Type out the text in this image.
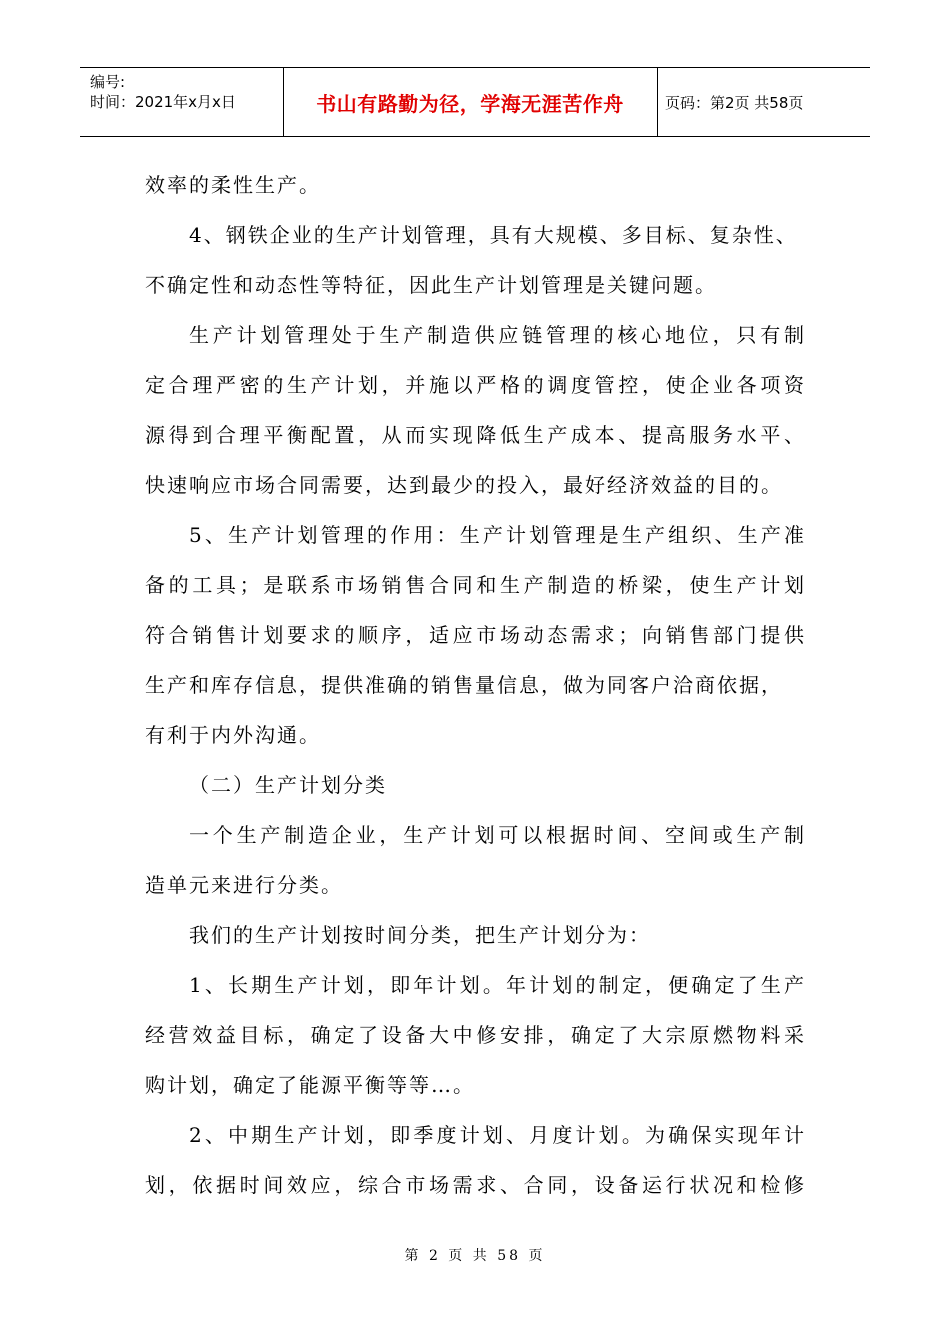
编号:
时间：2021年x月x日	书山有路勤为径，学海无涯苦作舟	页码：第2页 共58页
效率的柔性生产。
4、钢铁企业的生产计划管理，具有大规模、多目标、复杂性、
不确定性和动态性等特征，因此生产计划管理是关键问题。
生产计划管理处于生产制造供应链管理的核心地位，只有制
定合理严密的生产计划，并施以严格的调度管控，使企业各项资
源得到合理平衡配置，从而实现降低生产成本、提高服务水平、
快速响应市场合同需要，达到最少的投入，最好经济效益的目的。
5、生产计划管理的作用：生产计划管理是生产组织、生产准
备的工具；是联系市场销售合同和生产制造的桥梁，使生产计划
符合销售计划要求的顺序，适应市场动态需求；向销售部门提供
生产和库存信息，提供准确的销售量信息，做为同客户洽商依据，
有利于内外沟通。
（二）生产计划分类
一个生产制造企业，生产计划可以根据时间、空间或生产制
造单元来进行分类。
我们的生产计划按时间分类，把生产计划分为：
1、长期生产计划，即年计划。年计划的制定，便确定了生产
经营效益目标，确定了设备大中修安排，确定了大宗原燃物料采
购计划，确定了能源平衡等等…。
2、中期生产计划，即季度计划、月度计划。为确保实现年计
划，依据时间效应，综合市场需求、合同，设备运行状况和检修
第 2 页 共 58 页
